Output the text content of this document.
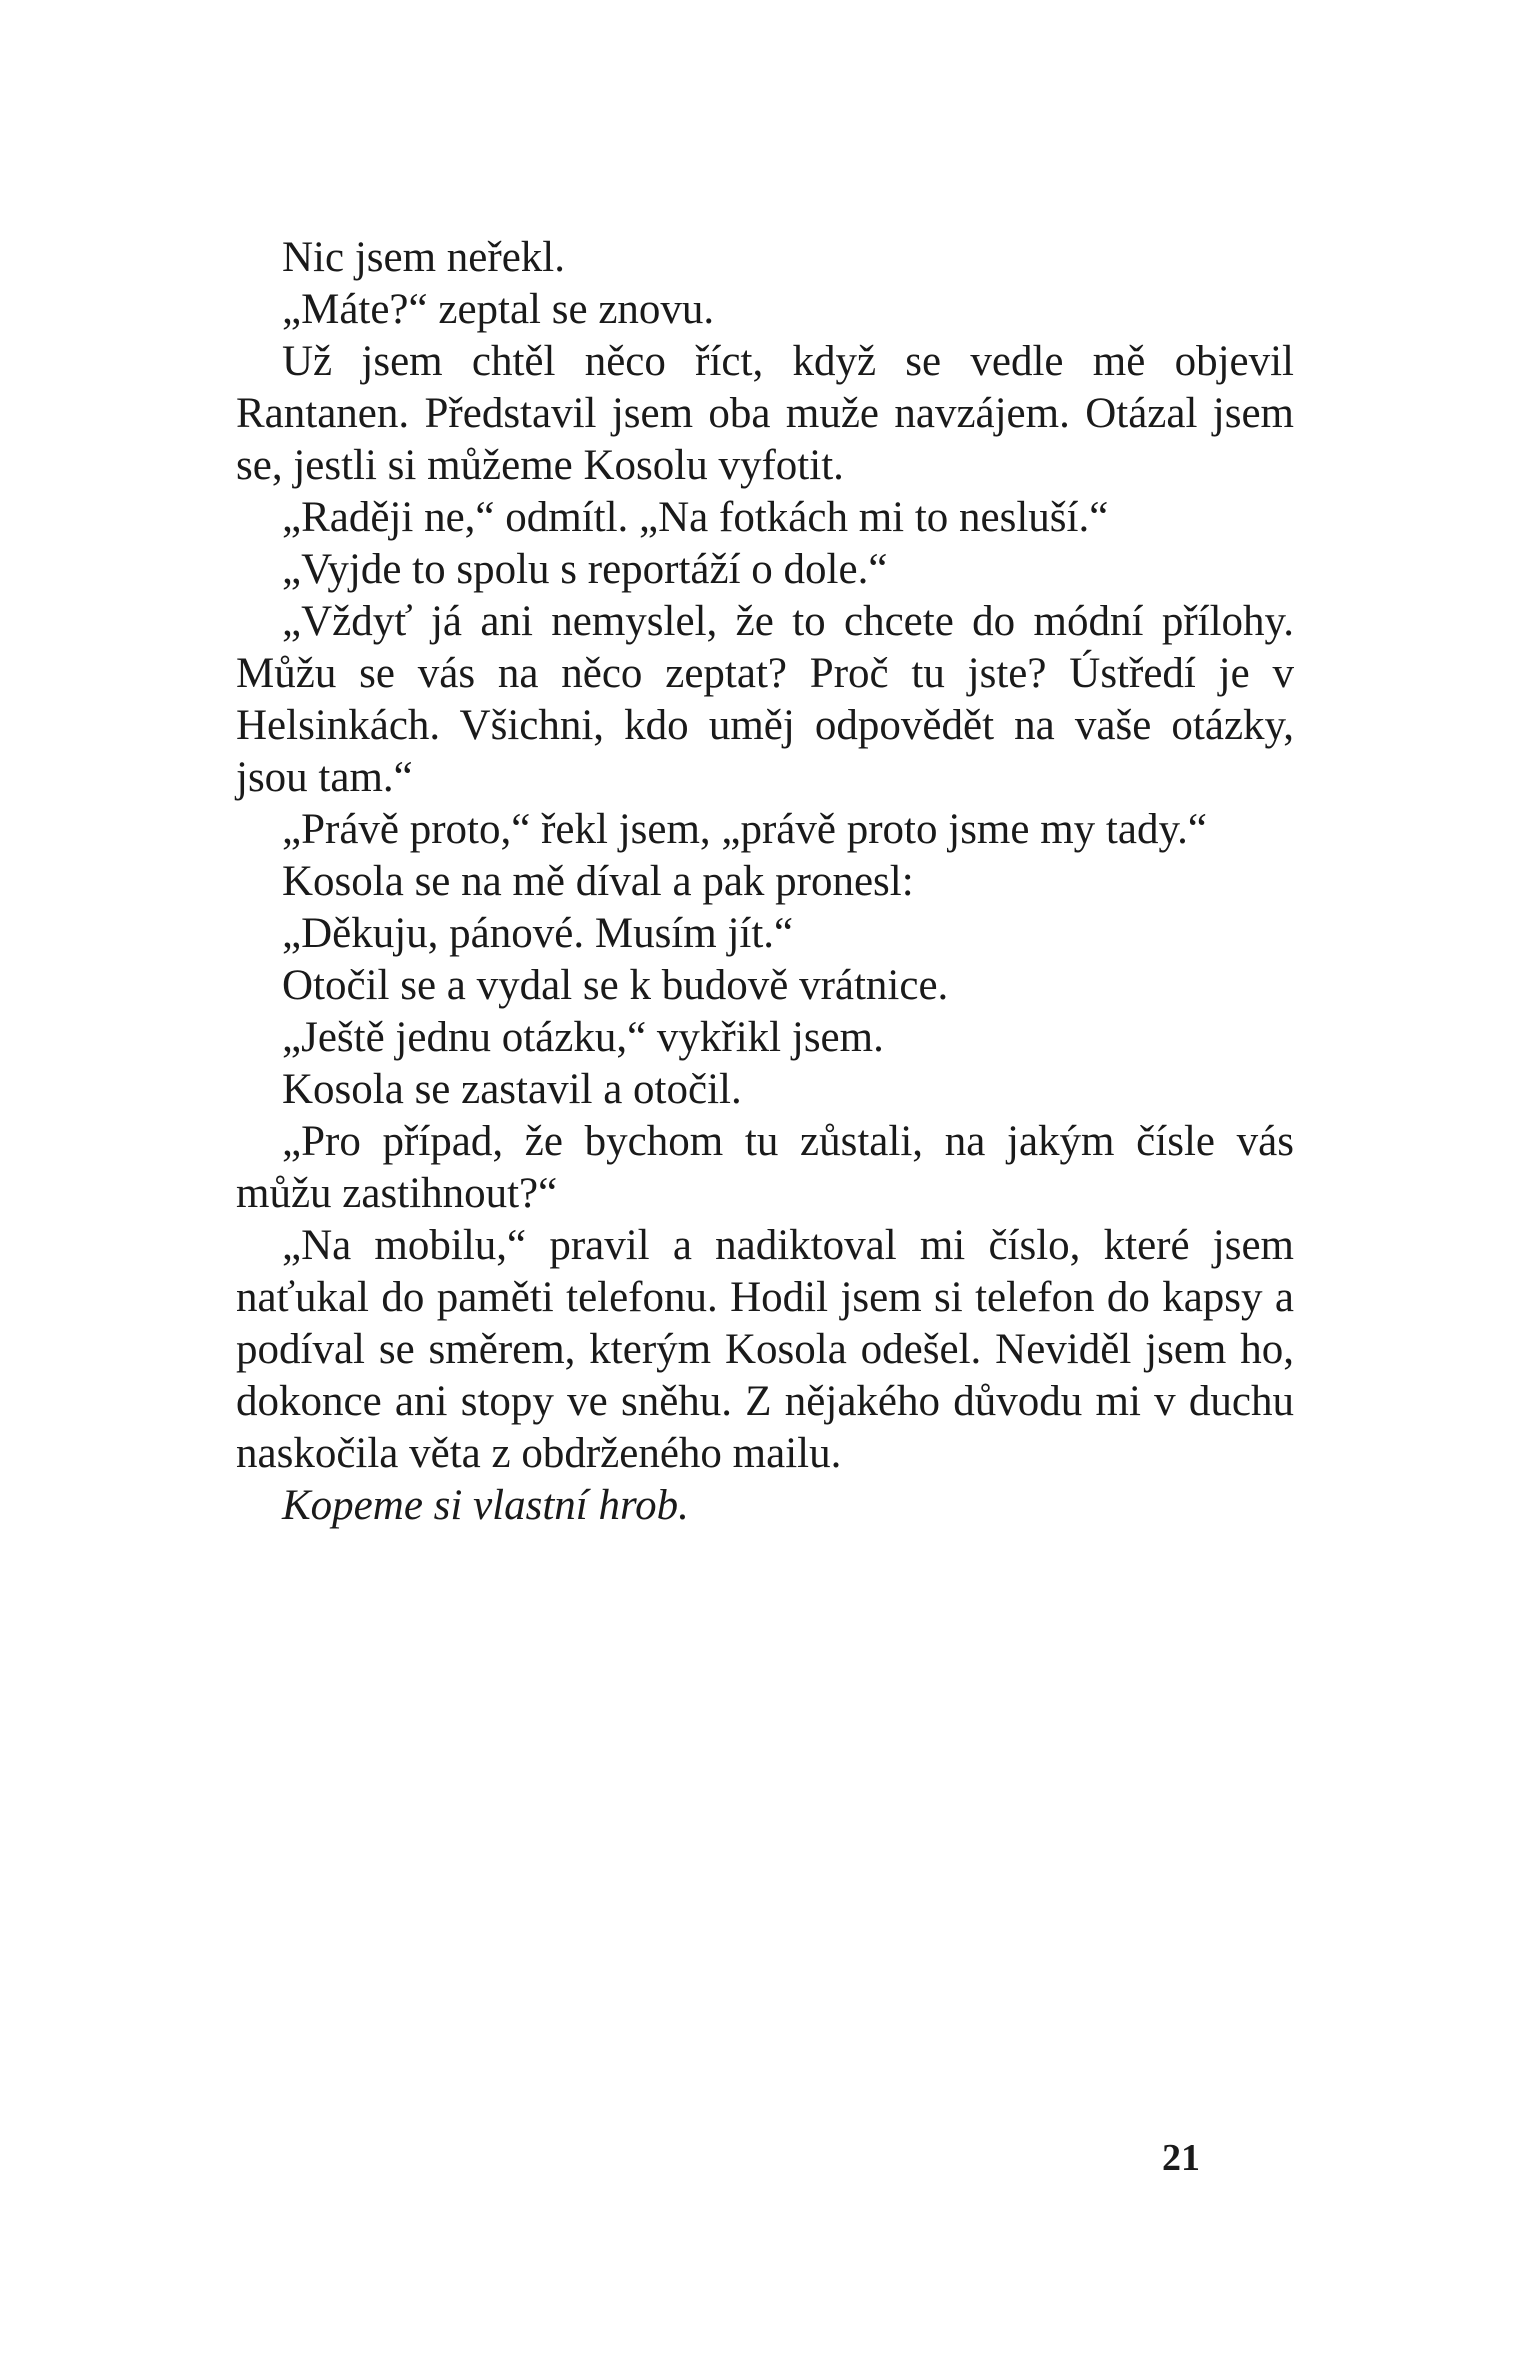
Nic jsem neřekl.

„Máte?“ zeptal se znovu.

Už jsem chtěl něco říct, když se vedle mě objevil Rantanen. Představil jsem oba muže navzájem. Otázal jsem se, jestli si můžeme Kosolu vyfotit.

„Raději ne,“ odmítl. „Na fotkách mi to nesluší.“

„Vyjde to spolu s reportáží o dole.“

„Vždyť já ani nemyslel, že to chcete do módní přílohy. Můžu se vás na něco zeptat? Proč tu jste? Ústředí je v Helsinkách. Všichni, kdo uměj odpovědět na vaše otázky, jsou tam.“

„Právě proto,“ řekl jsem, „právě proto jsme my tady.“

Kosola se na mě díval a pak pronesl:

„Děkuju, pánové. Musím jít.“

Otočil se a vydal se k budově vrátnice.

„Ještě jednu otázku,“ vykřikl jsem.

Kosola se zastavil a otočil.

„Pro případ, že bychom tu zůstali, na jakým čísle vás můžu zastihnout?“

„Na mobilu,“ pravil a nadiktoval mi číslo, které jsem naťukal do paměti telefonu. Hodil jsem si telefon do kapsy a podíval se směrem, kterým Kosola odešel. Neviděl jsem ho, dokonce ani stopy ve sněhu. Z nějakého důvodu mi v duchu naskočila věta z obdrženého mailu.

Kopeme si vlastní hrob.

21
